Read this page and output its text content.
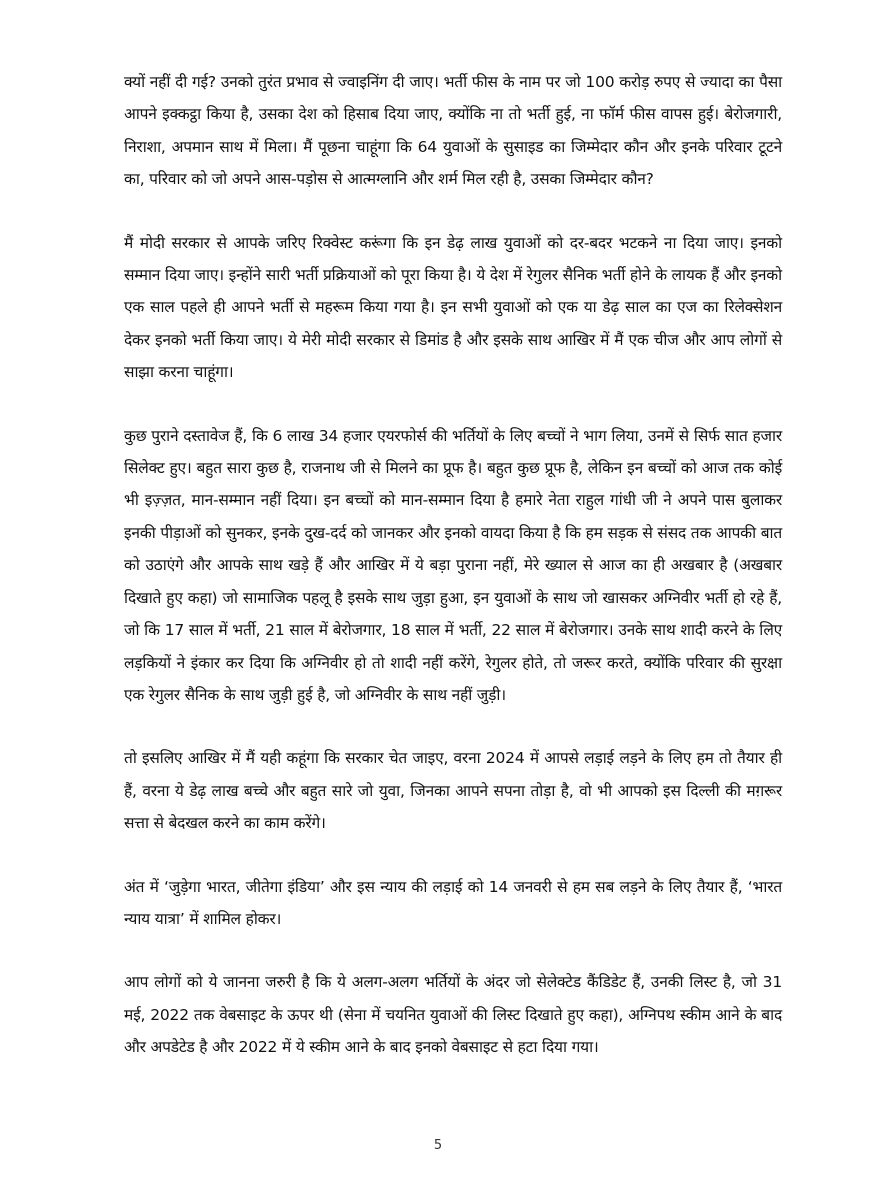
क्यों नहीं दी गई? उनको तुरंत प्रभाव से ज्वाइनिंग दी जाए। भर्ती फीस के नाम पर जो 100 करोड़ रुपए से ज्यादा का पैसा आपने इक्कट्ठा किया है, उसका देश को हिसाब दिया जाए, क्योंकि ना तो भर्ती हुई, ना फॉर्म फीस वापस हुई। बेरोजगारी, निराशा, अपमान साथ में मिला। मैं पूछना चाहूंगा कि 64 युवाओं के सुसाइड का जिम्मेदार कौन और इनके परिवार टूटने का, परिवार को जो अपने आस-पड़ोस से आत्मग्लानि और शर्म मिल रही है, उसका जिम्मेदार कौन?

मैं मोदी सरकार से आपके जरिए रिक्वेस्ट करूंगा कि इन डेढ़ लाख युवाओं को दर-बदर भटकने ना दिया जाए। इनको सम्मान दिया जाए। इन्होंने सारी भर्ती प्रक्रियाओं को पूरा किया है। ये देश में रेगुलर सैनिक भर्ती होने के लायक हैं और इनको एक साल पहले ही आपने भर्ती से महरूम किया गया है। इन सभी युवाओं को एक या डेढ़ साल का एज का रिलेक्सेशन देकर इनको भर्ती किया जाए। ये मेरी मोदी सरकार से डिमांड है और इसके साथ आखिर में मैं एक चीज और आप लोगों से साझा करना चाहूंगा।

कुछ पुराने दस्तावेज हैं, कि 6 लाख 34 हजार एयरफोर्स की भर्तियों के लिए बच्चों ने भाग लिया, उनमें से सिर्फ सात हजार सिलेक्ट हुए। बहुत सारा कुछ है, राजनाथ जी से मिलने का प्रूफ है। बहुत कुछ प्रूफ है, लेकिन इन बच्चों को आज तक कोई भी इज़्ज़त, मान-सम्मान नहीं दिया। इन बच्चों को मान-सम्मान दिया है हमारे नेता राहुल गांधी जी ने अपने पास बुलाकर इनकी पीड़ाओं को सुनकर, इनके दुख-दर्द को जानकर और इनको वायदा किया है कि हम सड़क से संसद तक आपकी बात को उठाएंगे और आपके साथ खड़े हैं और आखिर में ये बड़ा पुराना नहीं, मेरे ख्याल से आज का ही अखबार है (अखबार दिखाते हुए कहा) जो सामाजिक पहलू है इसके साथ जुड़ा हुआ, इन युवाओं के साथ जो खासकर अग्निवीर भर्ती हो रहे हैं, जो कि 17 साल में भर्ती, 21 साल में बेरोजगार, 18 साल में भर्ती, 22 साल में बेरोजगार। उनके साथ शादी करने के लिए लड़कियों ने इंकार कर दिया कि अग्निवीर हो तो शादी नहीं करेंगे, रेगुलर होते, तो जरूर करते, क्योंकि परिवार की सुरक्षा एक रेगुलर सैनिक के साथ जुड़ी हुई है, जो अग्निवीर के साथ नहीं जुड़ी।

तो इसलिए आखिर में मैं यही कहूंगा कि सरकार चेत जाइए, वरना 2024 में आपसे लड़ाई लड़ने के लिए हम तो तैयार ही हैं, वरना ये डेढ़ लाख बच्चे और बहुत सारे जो युवा, जिनका आपने सपना तोड़ा है, वो भी आपको इस दिल्ली की मग़रूर सत्ता से बेदखल करने का काम करेंगे।

अंत में ‘जुड़ेगा भारत, जीतेगा इंडिया’ और इस न्याय की लड़ाई को 14 जनवरी से हम सब लड़ने के लिए तैयार हैं, ‘भारत न्याय यात्रा’ में शामिल होकर।

आप लोगों को ये जानना जरुरी है कि ये अलग-अलग भर्तियों के अंदर जो सेलेक्टेड कैंडिडेट हैं, उनकी लिस्ट है, जो 31 मई, 2022 तक वेबसाइट के ऊपर थी (सेना में चयनित युवाओं की लिस्ट दिखाते हुए कहा), अग्निपथ स्कीम आने के बाद और अपडेटेड है और 2022 में ये स्कीम आने के बाद इनको वेबसाइट से हटा दिया गया।

5
